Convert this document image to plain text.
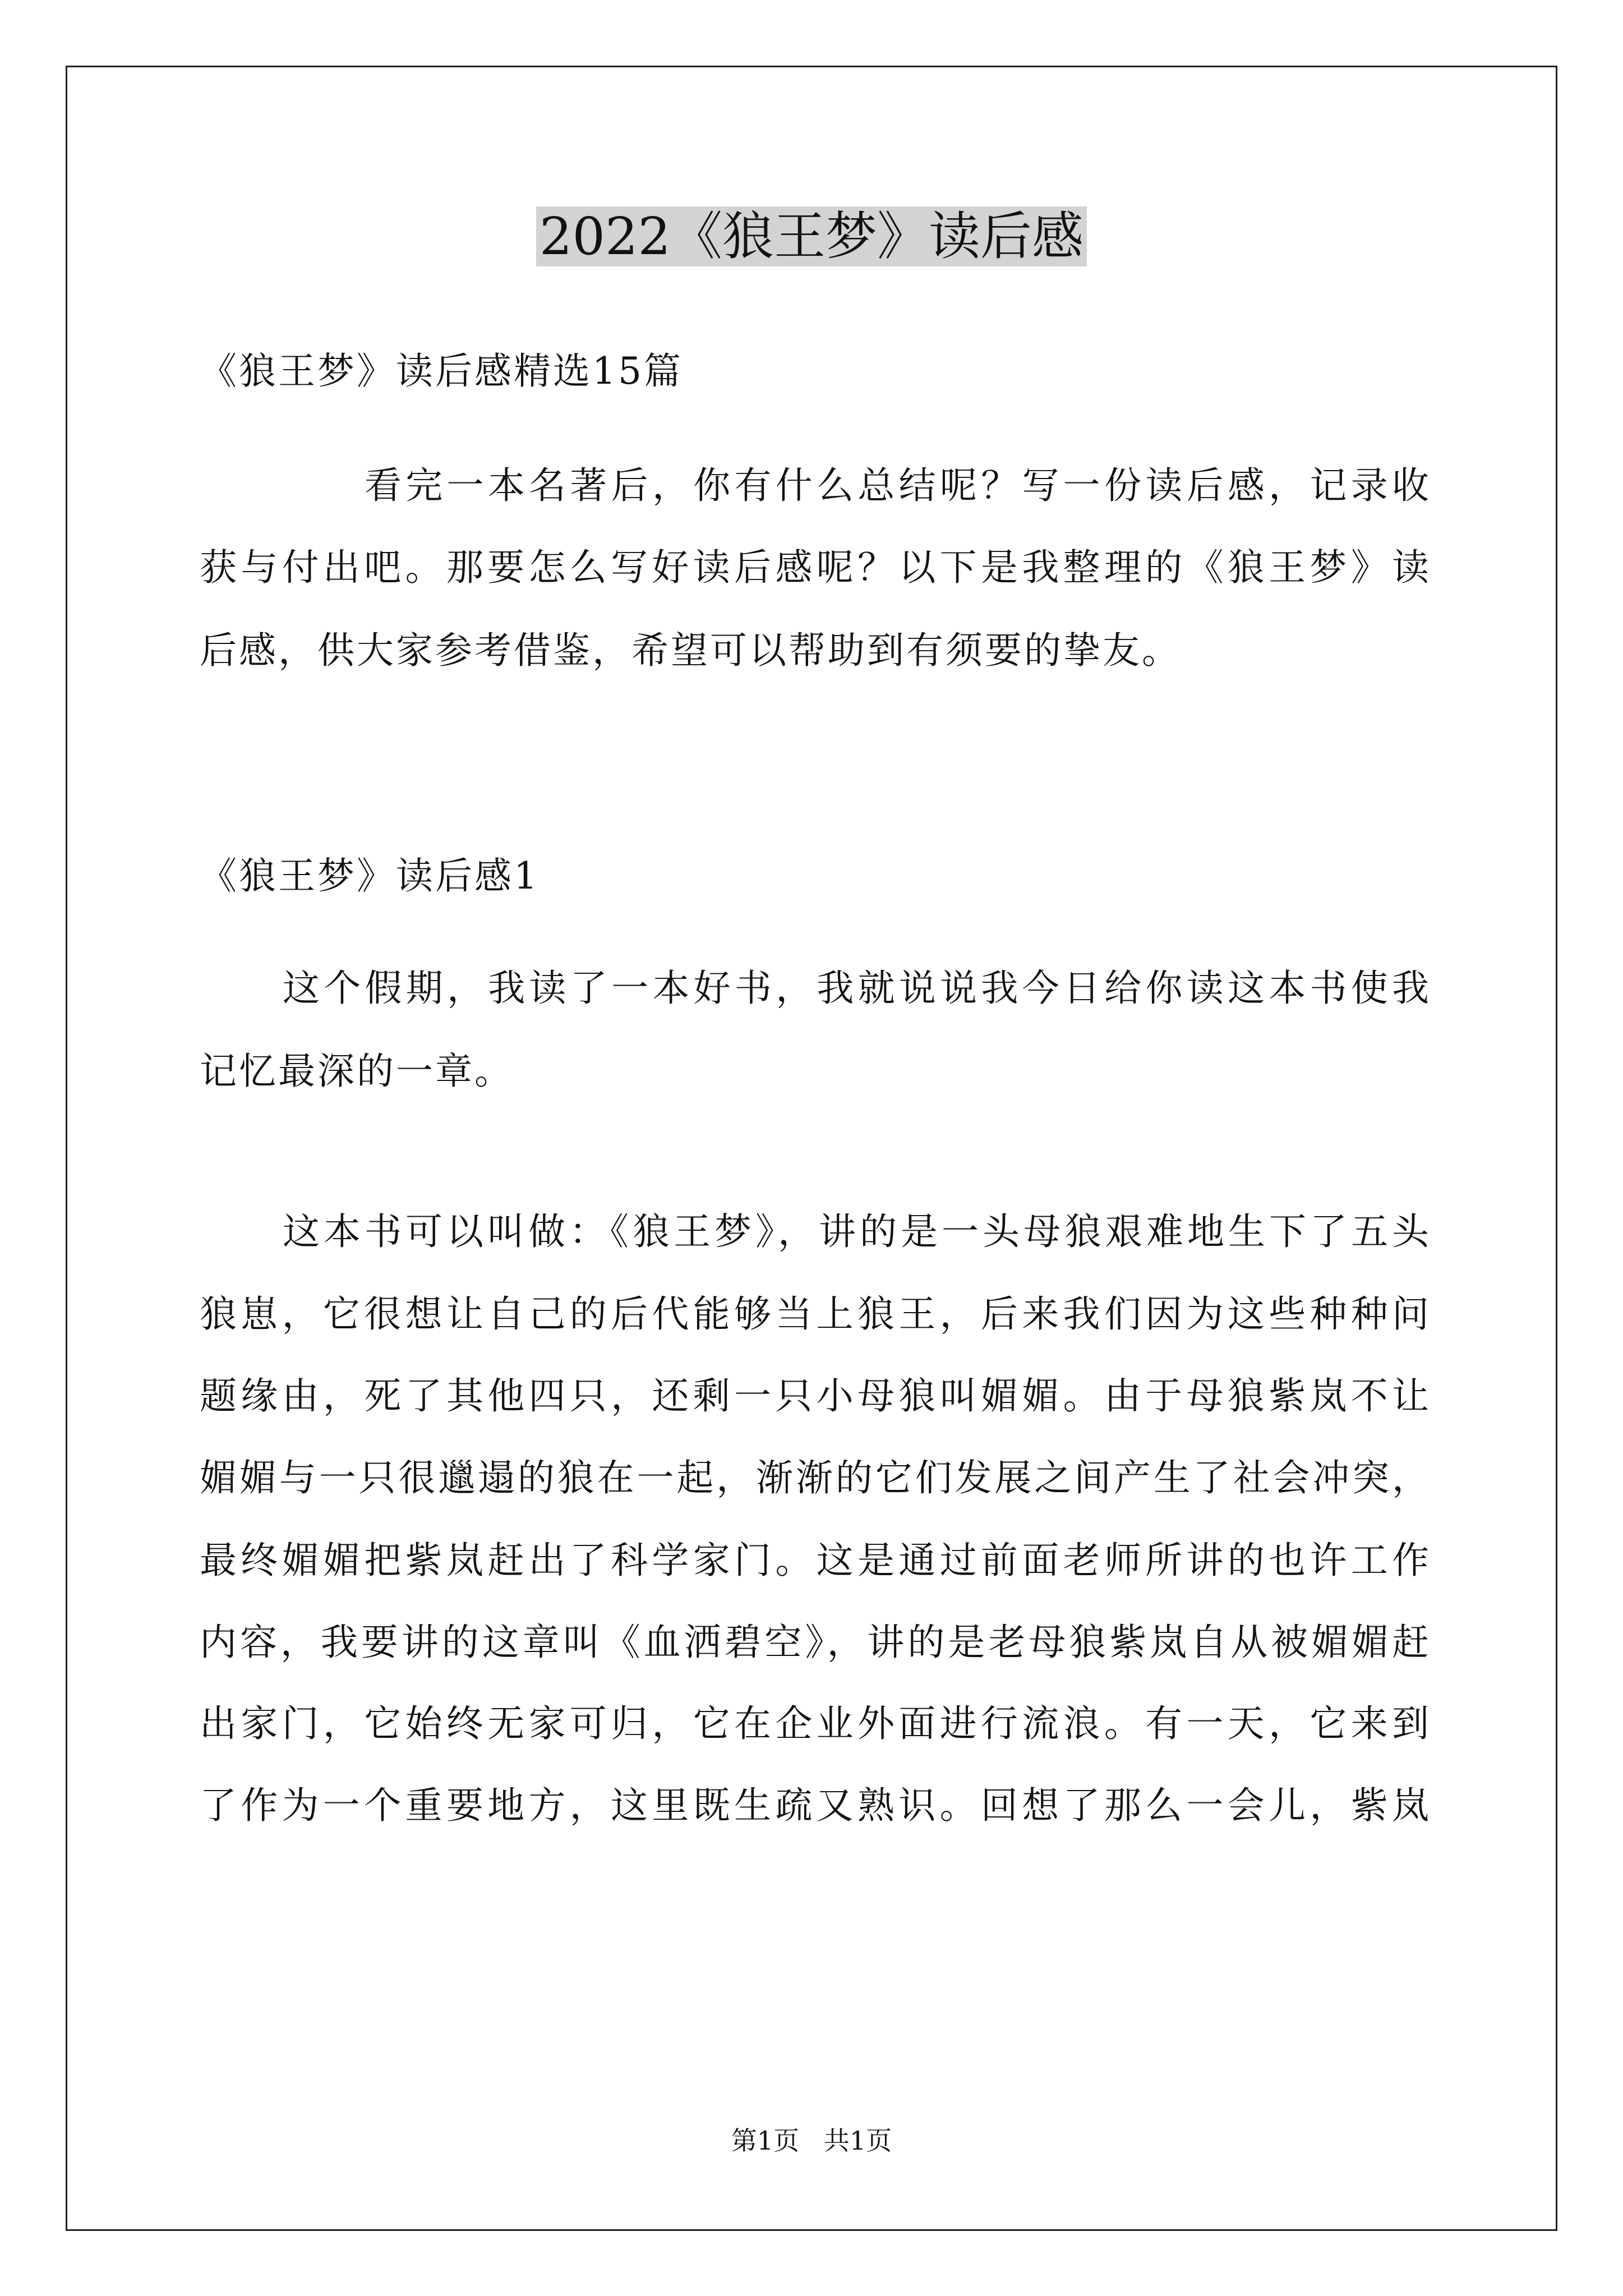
2022《狼王梦》读后感
《狼王梦》读后感精选15篇
看完一本名著后，你有什么总结呢？写一份读后感，记录收
获与付出吧。那要怎么写好读后感呢？以下是我整理的《狼王梦》读
后感，供大家参考借鉴，希望可以帮助到有须要的挚友。
《狼王梦》读后感1
这个假期，我读了一本好书，我就说说我今日给你读这本书使我
记忆最深的一章。
这本书可以叫做：《狼王梦》，讲的是一头母狼艰难地生下了五头
狼崽，它很想让自己的后代能够当上狼王，后来我们因为这些种种问
题缘由，死了其他四只，还剩一只小母狼叫媚媚。由于母狼紫岚不让
媚媚与一只很邋遢的狼在一起，渐渐的它们发展之间产生了社会冲突，
最终媚媚把紫岚赶出了科学家门。这是通过前面老师所讲的也许工作
内容，我要讲的这章叫《血洒碧空》，讲的是老母狼紫岚自从被媚媚赶
出家门，它始终无家可归，它在企业外面进行流浪。有一天，它来到
了作为一个重要地方，这里既生疏又熟识。回想了那么一会儿，紫岚
第1页   共1页
